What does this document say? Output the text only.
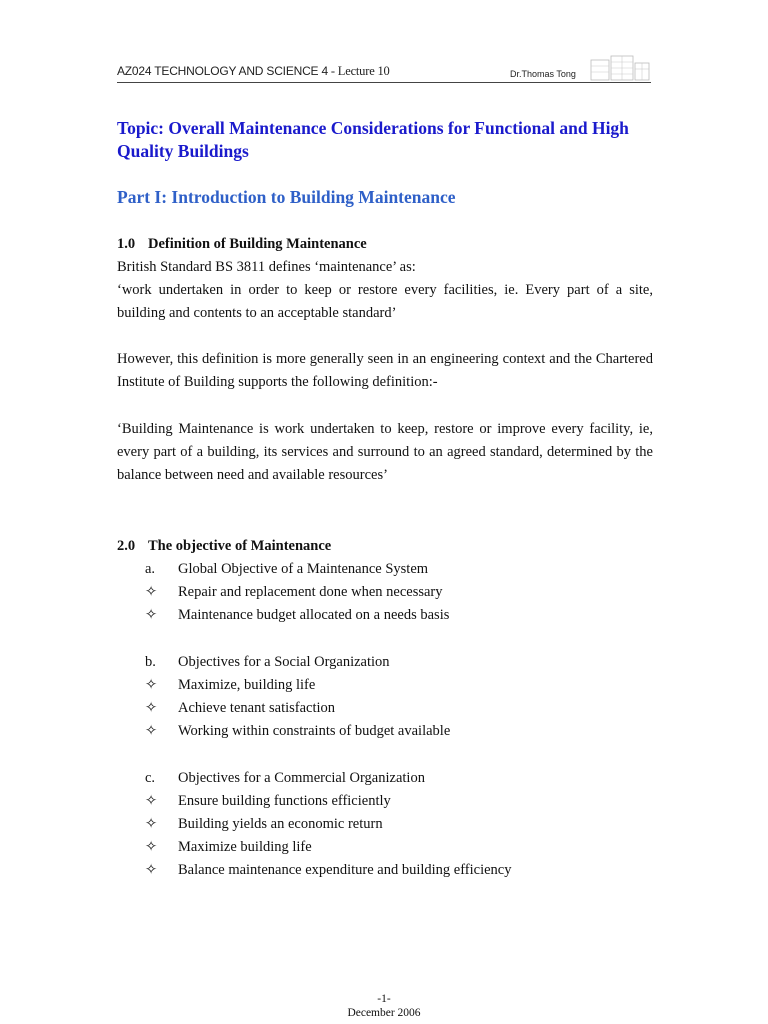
AZ024 TECHNOLOGY AND SCIENCE 4 - Lecture 10	Dr.Thomas Tong
Topic: Overall Maintenance Considerations for Functional and High Quality Buildings
Part I: Introduction to Building Maintenance
1.0 Definition of Building Maintenance
British Standard BS 3811 defines ‘maintenance’ as:
‘work undertaken in order to keep or restore every facilities, ie. Every part of a site, building and contents to an acceptable standard’
However, this definition is more generally seen in an engineering context and the Chartered Institute of Building supports the following definition:-
‘Building Maintenance is work undertaken to keep, restore or improve every facility, ie, every part of a building, its services and surround to an agreed standard, determined by the balance between need and available resources’
2.0 The objective of Maintenance
a. Global Objective of a Maintenance System
✧ Repair and replacement done when necessary
✧ Maintenance budget allocated on a needs basis
b. Objectives for a Social Organization
✧ Maximize, building life
✧ Achieve tenant satisfaction
✧ Working within constraints of budget available
c. Objectives for a Commercial Organization
✧ Ensure building functions efficiently
✧ Building yields an economic return
✧ Maximize building life
✧ Balance maintenance expenditure and building efficiency
-1-
December 2006
